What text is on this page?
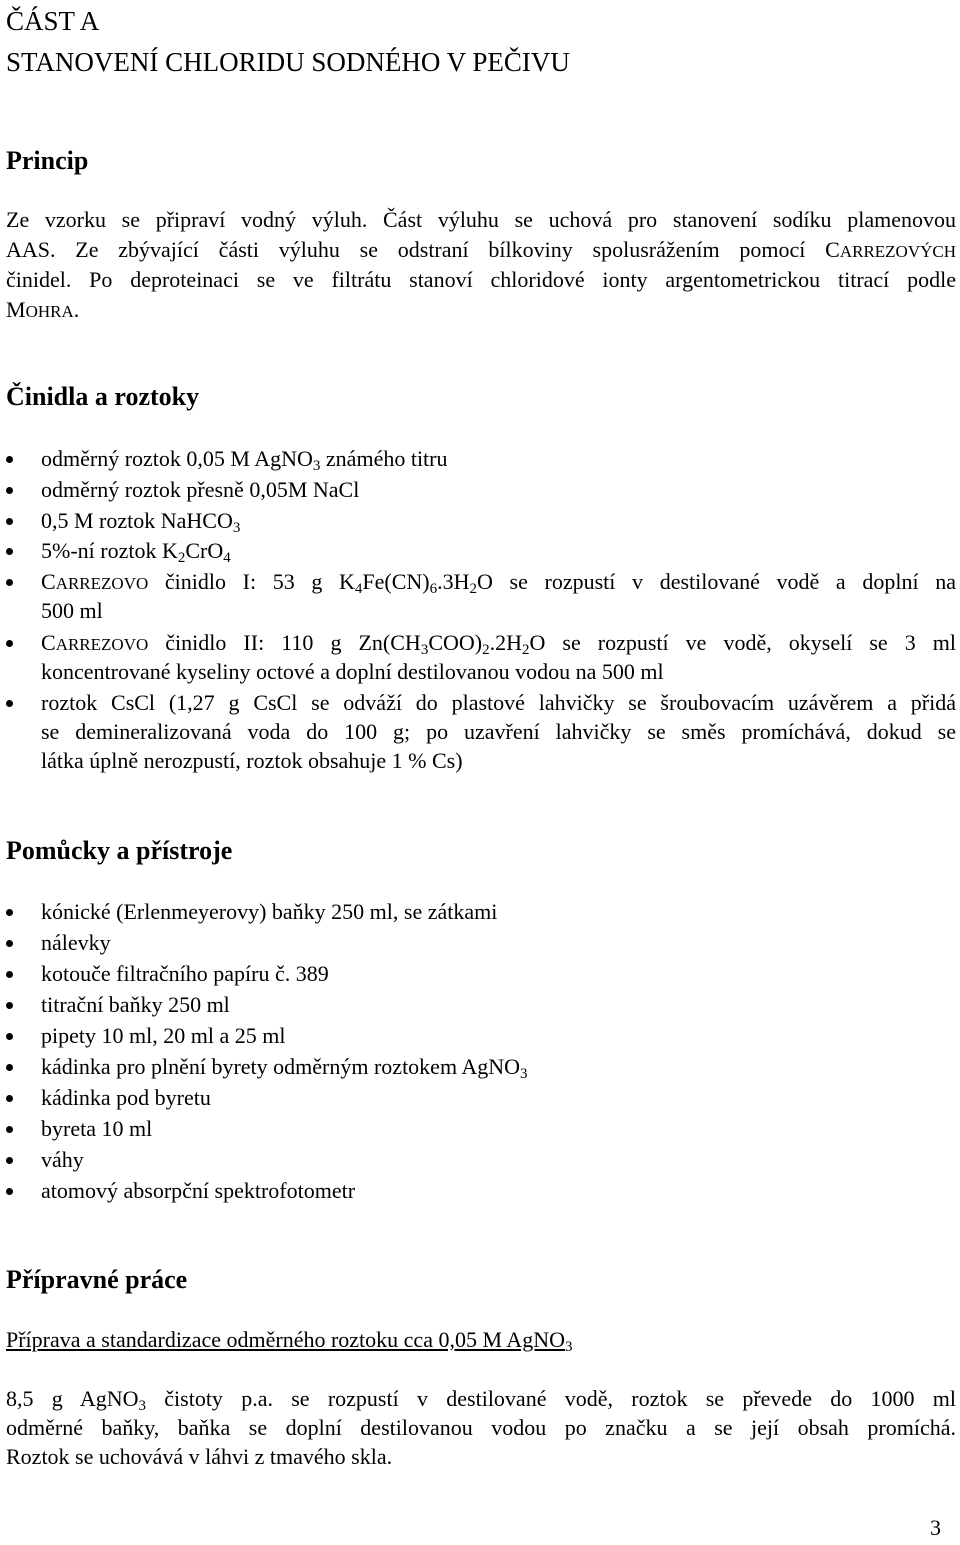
ČÁST A
STANOVENÍ CHLORIDU SODNÉHO V PEČIVU
Princip
Ze vzorku se připraví vodný výluh. Část výluhu se uchová pro stanovení sodíku plamenovou
AAS. Ze zbývající části výluhu se odstraní bílkoviny spolusrážením pomocí CARREZOVÝCH
činidel. Po deproteinaci se ve filtrátu stanoví chloridové ionty argentometrickou titrací podle
MOHRA.
Činidla a roztoky
odměrný roztok 0,05 M AgNO$_3$ známého titru
odměrný roztok přesně 0,05M NaCl
0,5 M roztok NaHCO$_3$
5%-ní roztok $K_2CrO_4$
CARREZOVO činidlo I: 53 g $K_4Fe(CN)_6.3H_2O$ se rozpustí v destilované vodě a doplní na
500 ml
CARREZOVO činidlo II: 110 g $Zn(CH_3COO)_2.2H_2O$ se rozpustí ve vodě, okyselí se 3 ml
koncentrované kyseliny octové a doplní destilovanou vodou na 500 ml
roztok CsCl (1,27 g CsCl se odváží do plastové lahvičky se šroubovacím uzávěrem a přidá
se demineralizovaná voda do 100 g; po uzavření lahvičky se směs promíchává, dokud se
látka úplně nerozpustí, roztok obsahuje 1 % Cs)
Pomůcky a přístroje
kónické (Erlenmeyerovy) baňky 250 ml, se zátkami
nálevky
kotouče filtračního papíru č. 389
titrační baňky 250 ml
pipety 10 ml, 20 ml a 25 ml
kádinka pro plnění byrety odměrným roztokem AgNO$_3$
kádinka pod byretu
byreta 10 ml
váhy
atomový absorpční spektrofotometr
Přípravné práce
Příprava a standardizace odměrného roztoku cca 0,05 M AgNO$_3$
8,5 g AgNO$_3$ čistoty p.a. se rozpustí v destilované vodě, roztok se převede do 1000 ml
odměrné baňky, baňka se doplní destilovanou vodou po značku a se její obsah promíchá.
Roztok se uchovává v láhvi z tmavého skla.
3
